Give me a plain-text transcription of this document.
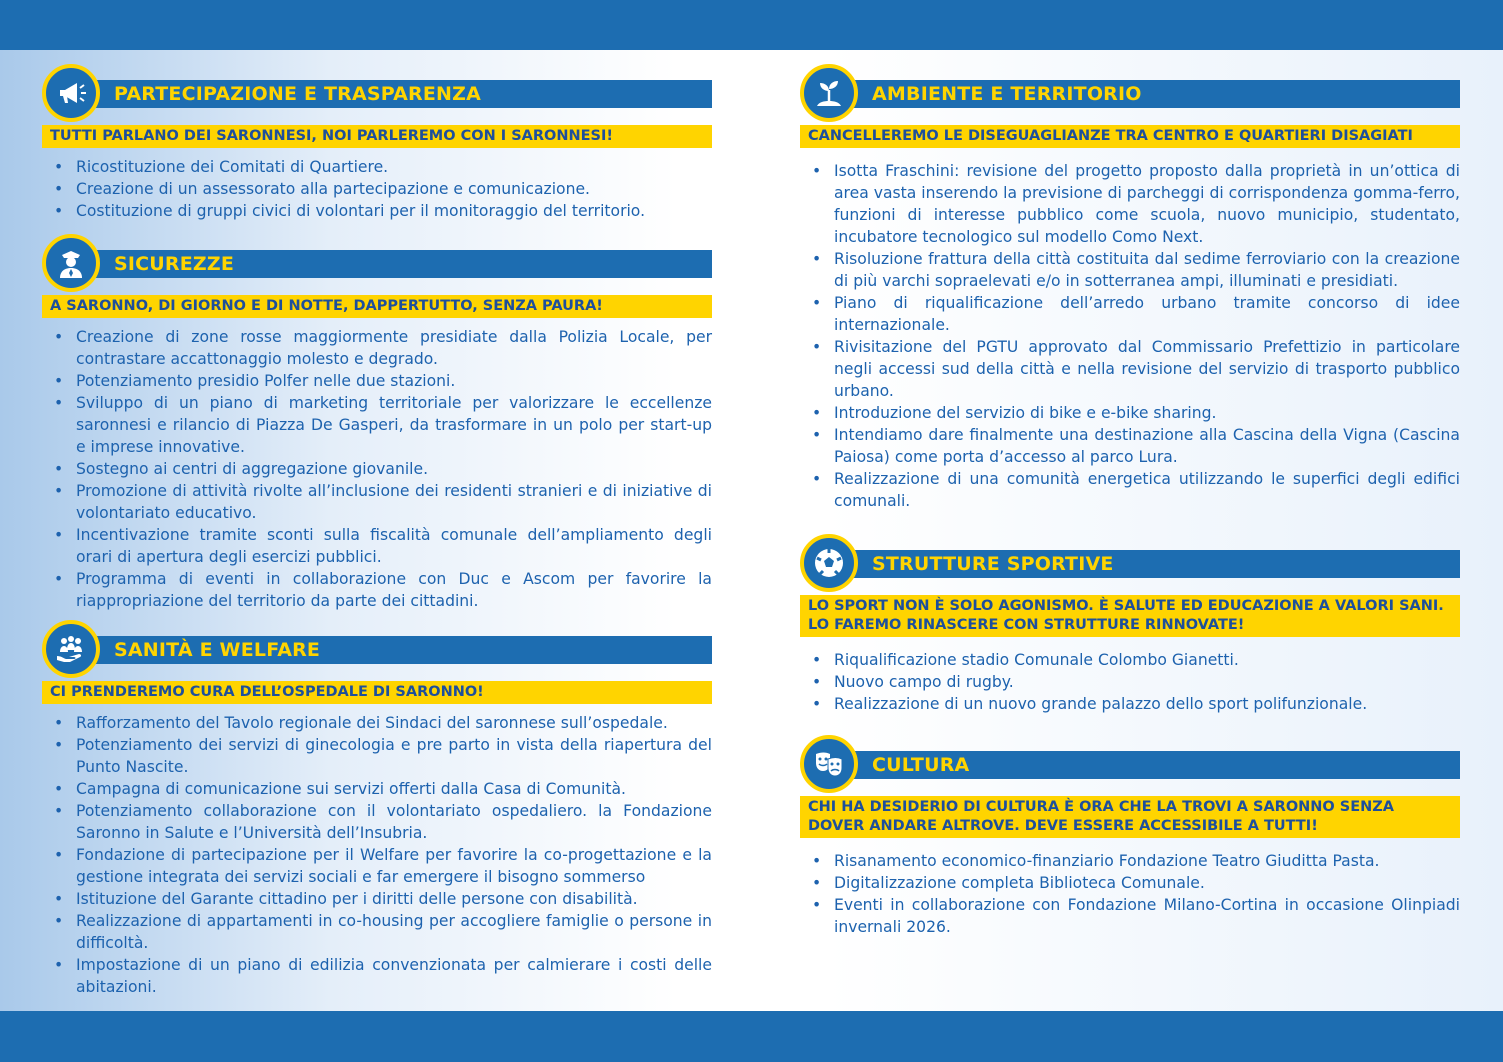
PARTECIPAZIONE E TRASPARENZA
TUTTI PARLANO DEI SARONNESI, NOI PARLEREMO CON I SARONNESI!
• Ricostituzione dei Comitati di Quartiere.
• Creazione di un assessorato alla partecipazione e comunicazione.
• Costituzione di gruppi civici di volontari per il monitoraggio del territorio.
SICUREZZE
A SARONNO, DI GIORNO E DI NOTTE, DAPPERTUTTO, SENZA PAURA!
• Creazione di zone rosse maggiormente presidiate dalla Polizia Locale, per contrastare accattonaggio molesto e degrado.
• Potenziamento presidio Polfer nelle due stazioni.
• Sviluppo di un piano di marketing territoriale per valorizzare le eccellenze saronnesi e rilancio di Piazza De Gasperi, da trasformare in un polo per start-up e imprese innovative.
• Sostegno ai centri di aggregazione giovanile.
• Promozione di attività rivolte all’inclusione dei residenti stranieri e di iniziative di volontariato educativo.
• Incentivazione tramite sconti sulla fiscalità comunale dell’ampliamento degli orari di apertura degli esercizi pubblici.
• Programma di eventi in collaborazione con Duc e Ascom per favorire la riappropriazione del territorio da parte dei cittadini.
SANITÀ E WELFARE
CI PRENDEREMO CURA DELL’OSPEDALE DI SARONNO!
• Rafforzamento del Tavolo regionale dei Sindaci del saronnese sull’ospedale.
• Potenziamento dei servizi di ginecologia e pre parto in vista della riapertura del Punto Nascite.
• Campagna di comunicazione sui servizi offerti dalla Casa di Comunità.
• Potenziamento collaborazione con il volontariato ospedaliero. la Fondazione Saronno in Salute e l’Università dell’Insubria.
• Fondazione di partecipazione per il Welfare per favorire la co-progettazione e la gestione integrata dei servizi sociali e far emergere il bisogno sommerso
• Istituzione del Garante cittadino per i diritti delle persone con disabilità.
• Realizzazione di appartamenti in co-housing per accogliere famiglie o persone in difficoltà.
• Impostazione di un piano di edilizia convenzionata per calmierare i costi delle abitazioni.
AMBIENTE E TERRITORIO
CANCELLEREMO LE DISEGUAGLIANZE TRA CENTRO E QUARTIERI DISAGIATI
• Isotta Fraschini: revisione del progetto proposto dalla proprietà in un’ottica di area vasta inserendo la previsione di parcheggi di corrispondenza gomma-ferro, funzioni di interesse pubblico come scuola, nuovo municipio, studentato, incubatore tecnologico sul modello Como Next.
• Risoluzione frattura della città costituita dal sedime ferroviario con la creazione di più varchi sopraelevati e/o in sotterranea ampi, illuminati e presidiati.
• Piano di riqualificazione dell’arredo urbano tramite concorso di idee internazionale.
• Rivisitazione del PGTU approvato dal Commissario Prefettizio in particolare negli accessi sud della città e nella revisione del servizio di trasporto pubblico urbano.
• Introduzione del servizio di bike e e-bike sharing.
• Intendiamo dare finalmente una destinazione alla Cascina della Vigna (Cascina Paiosa) come porta d’accesso al parco Lura.
• Realizzazione di una comunità energetica utilizzando le superfici degli edifici comunali.
STRUTTURE SPORTIVE
LO SPORT NON È SOLO AGONISMO. È SALUTE ED EDUCAZIONE A VALORI SANI. LO FAREMO RINASCERE CON STRUTTURE RINNOVATE!
• Riqualificazione stadio Comunale Colombo Gianetti.
• Nuovo campo di rugby.
• Realizzazione di un nuovo grande palazzo dello sport polifunzionale.
CULTURA
CHI HA DESIDERIO DI CULTURA È ORA CHE LA TROVI A SARONNO SENZA DOVER ANDARE ALTROVE. DEVE ESSERE ACCESSIBILE A TUTTI!
• Risanamento economico-finanziario Fondazione Teatro Giuditta Pasta.
• Digitalizzazione completa Biblioteca Comunale.
• Eventi in collaborazione con Fondazione Milano-Cortina in occasione Olinpiadi invernali 2026.
